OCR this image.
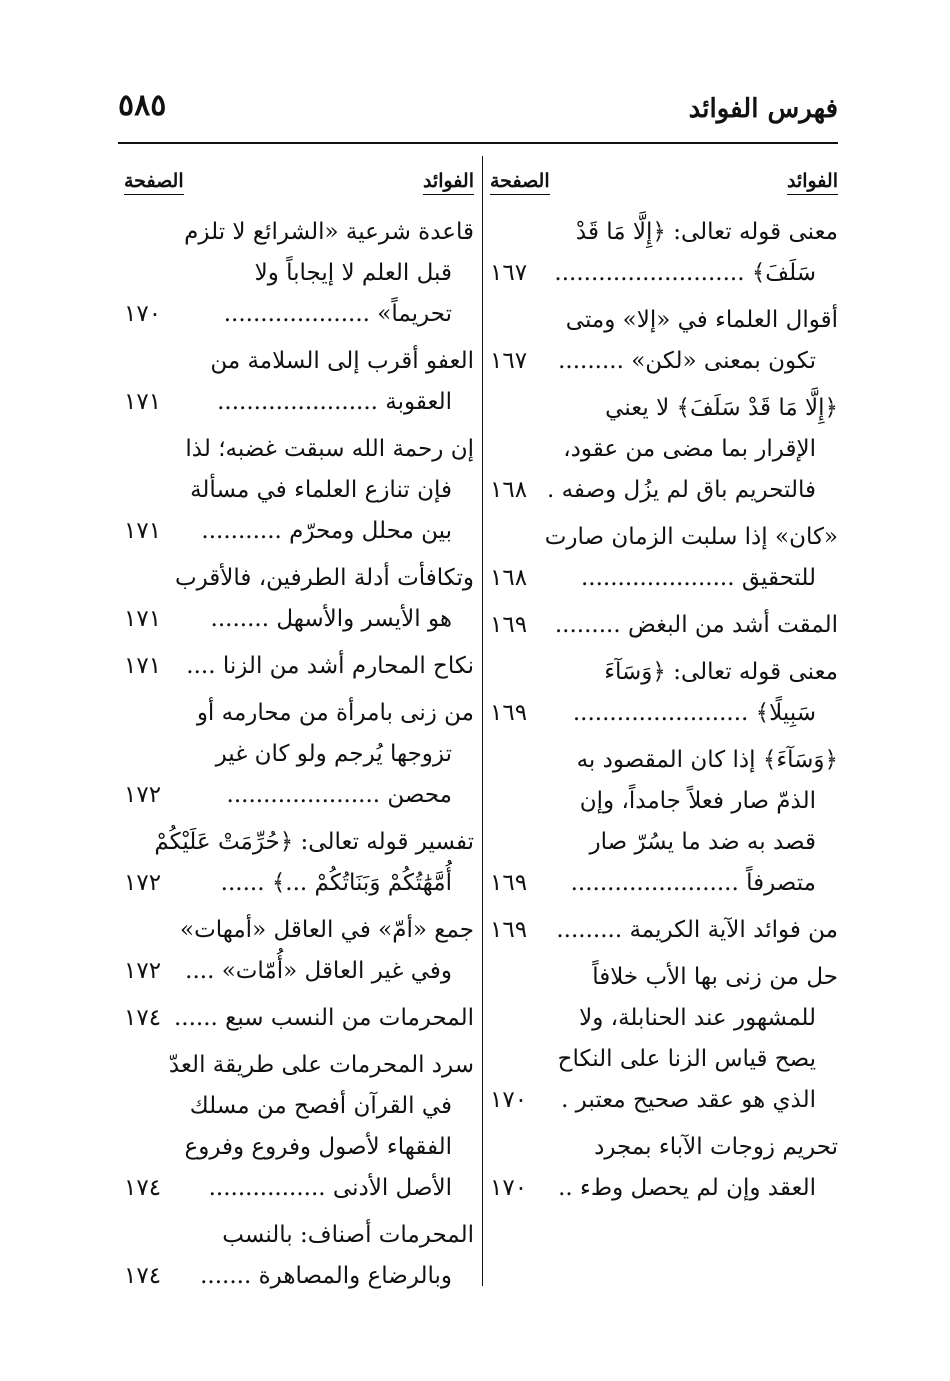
٥٨٥	فهرس الفوائد
الفوائد
الصفحة
معنى قوله تعالى: ﴿إِلَّا مَا قَدْ
سَلَفَ﴾ ..........................
١٦٧
أقوال العلماء في «إلا» ومتى
تكون بمعنى «لكن» .........
١٦٧
﴿إِلَّا مَا قَدْ سَلَفَ﴾ لا يعني
الإقرار بما مضى من عقود،
فالتحريم باق لم يزُل وصفه .
١٦٨
«كان» إذا سلبت الزمان صارت
للتحقيق .....................
١٦٨
المقت أشد من البغض .........
١٦٩
معنى قوله تعالى: ﴿وَسَآءَ
سَبِيلًا﴾ ........................
١٦٩
﴿وَسَآءَ﴾ إذا كان المقصود به
الذمّ صار فعلاً جامداً، وإن
قصد به ضد ما يسُرّ صار
متصرفاً .......................
١٦٩
من فوائد الآية الكريمة .........
١٦٩
حل من زنى بها الأب خلافاً
للمشهور عند الحنابلة، ولا
يصح قياس الزنا على النكاح
الذي هو عقد صحيح معتبر .
١٧٠
تحريم زوجات الآباء بمجرد
العقد وإن لم يحصل وطء ..
١٧٠
الفوائد
الصفحة
قاعدة شرعية «الشرائع لا تلزم
قبل العلم لا إيجاباً ولا
تحريماً» ....................
١٧٠
العفو أقرب إلى السلامة من
العقوبة ......................
١٧١
إن رحمة الله سبقت غضبه؛ لذا
فإن تنازع العلماء في مسألة
بين محلل ومحرّم ...........
١٧١
وتكافأت أدلة الطرفين، فالأقرب
هو الأيسر والأسهل ........
١٧١
نكاح المحارم أشد من الزنا ....
١٧١
من زنى بامرأة من محارمه أو
تزوجها يُرجم ولو كان غير
محصن .....................
١٧٢
تفسير قوله تعالى: ﴿حُرِّمَتْ عَلَيْكُمْ
أُمَّهَٰتُكُمْ وَبَنَاتُكُمْ ...﴾ ......
١٧٢
جمع «أمّ» في العاقل «أمهات»
وفي غير العاقل «أُمّات» ....
١٧٢
المحرمات من النسب سبع ......
١٧٤
سرد المحرمات على طريقة العدّ
في القرآن أفصح من مسلك
الفقهاء لأصول وفروع وفروع
الأصل الأدنى ................
١٧٤
المحرمات أصناف: بالنسب
وبالرضاع والمصاهرة .......
١٧٤
